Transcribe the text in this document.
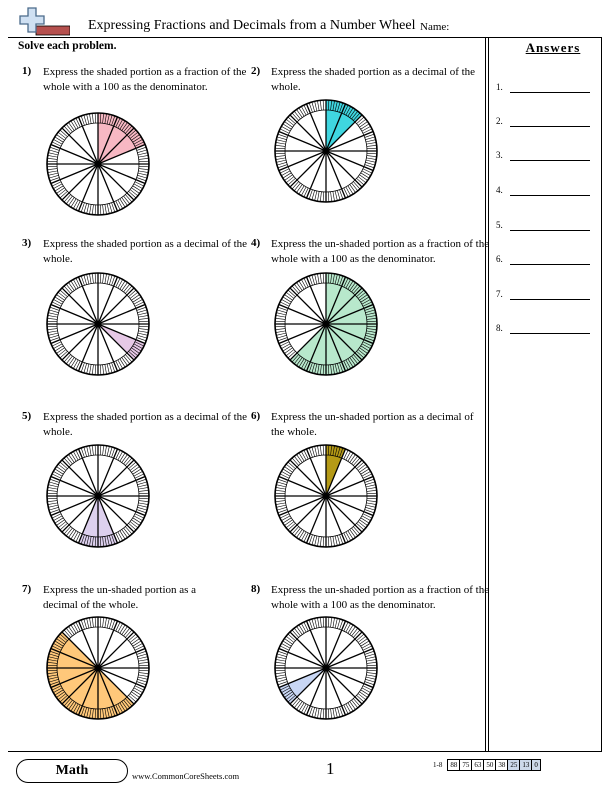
Expressing Fractions and Decimals from a Number Wheel Name:
Solve each problem.
1) Express the shaded portion as a fraction of the whole with a 100 as the denominator.
2) Express the shaded portion as a decimal of the whole.
3) Express the shaded portion as a decimal of the whole.
4) Express the un-shaded portion as a fraction of the whole with a 100 as the denominator.
5) Express the shaded portion as a decimal of the whole.
6) Express the un-shaded portion as a decimal of the whole.
7) Express the un-shaded portion as a decimal of the whole.
8) Express the un-shaded portion as a fraction of the whole with a 100 as the denominator.
Answers
1.
2.
3.
4.
5.
6.
7.
8.
Math	www.CommonCoreSheets.com	1	1-8 88 75 63 50 38 25 13 0
